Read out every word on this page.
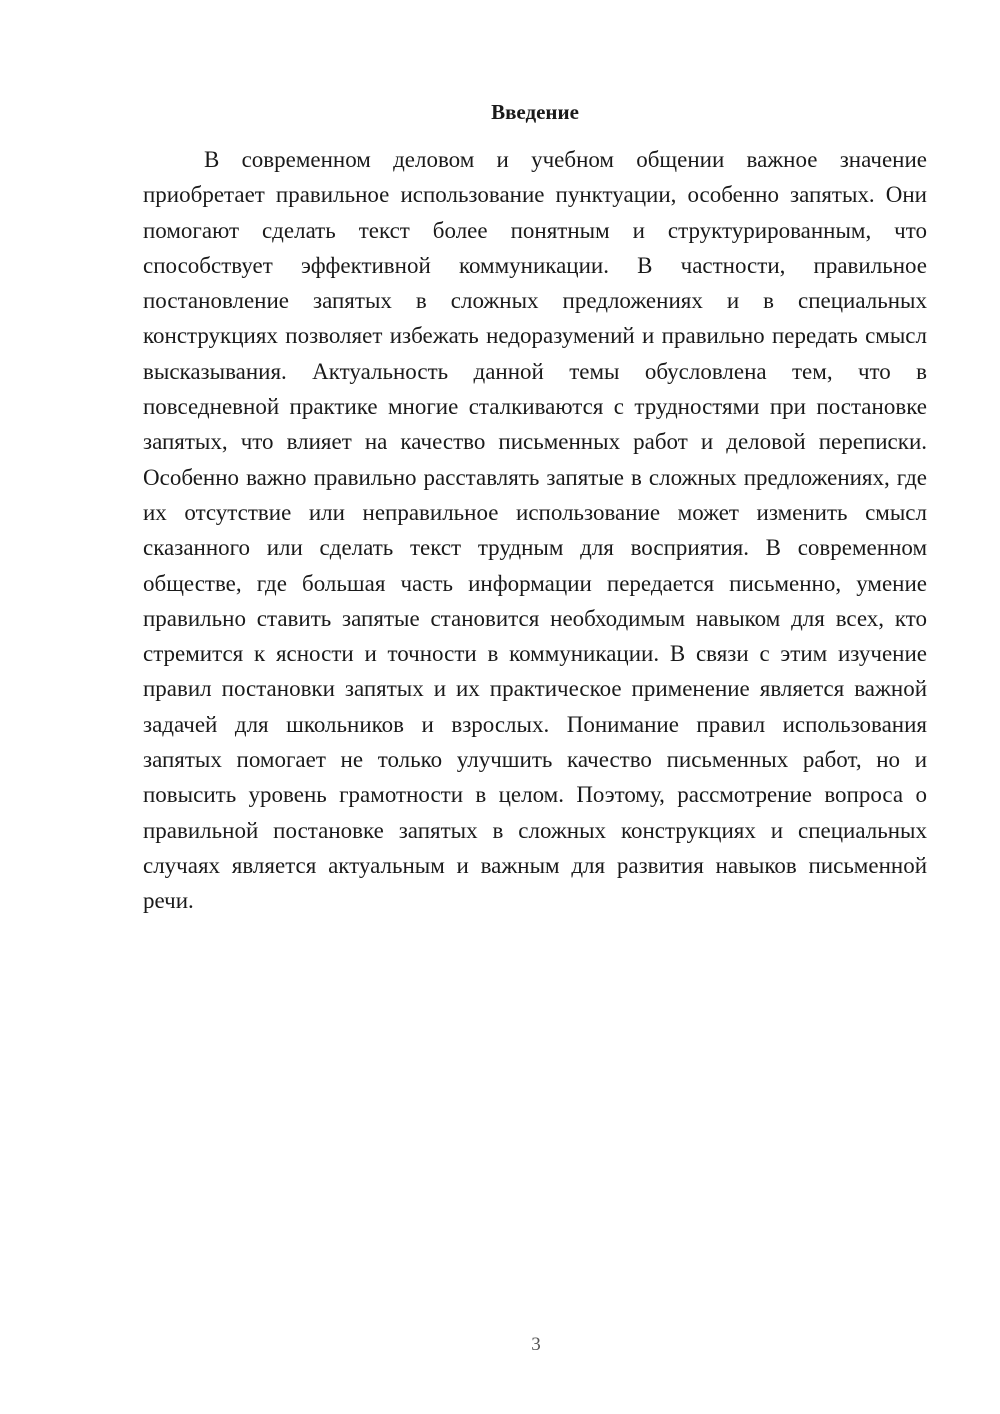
Введение

В современном деловом и учебном общении важное значение приобретает правильное использование пунктуации, особенно запятых. Они помогают сделать текст более понятным и структурированным, что способствует эффективной коммуникации. В частности, правильное постановление запятых в сложных предложениях и в специальных конструкциях позволяет избежать недоразумений и правильно передать смысл высказывания. Актуальность данной темы обусловлена тем, что в повседневной практике многие сталкиваются с трудностями при постановке запятых, что влияет на качество письменных работ и деловой переписки. Особенно важно правильно расставлять запятые в сложных предложениях, где их отсутствие или неправильное использование может изменить смысл сказанного или сделать текст трудным для восприятия. В современном обществе, где большая часть информации передается письменно, умение правильно ставить запятые становится необходимым навыком для всех, кто стремится к ясности и точности в коммуникации. В связи с этим изучение правил постановки запятых и их практическое применение является важной задачей для школьников и взрослых. Понимание правил использования запятых помогает не только улучшить качество письменных работ, но и повысить уровень грамотности в целом. Поэтому, рассмотрение вопроса о правильной постановке запятых в сложных конструкциях и специальных случаях является актуальным и важным для развития навыков письменной речи.

3
